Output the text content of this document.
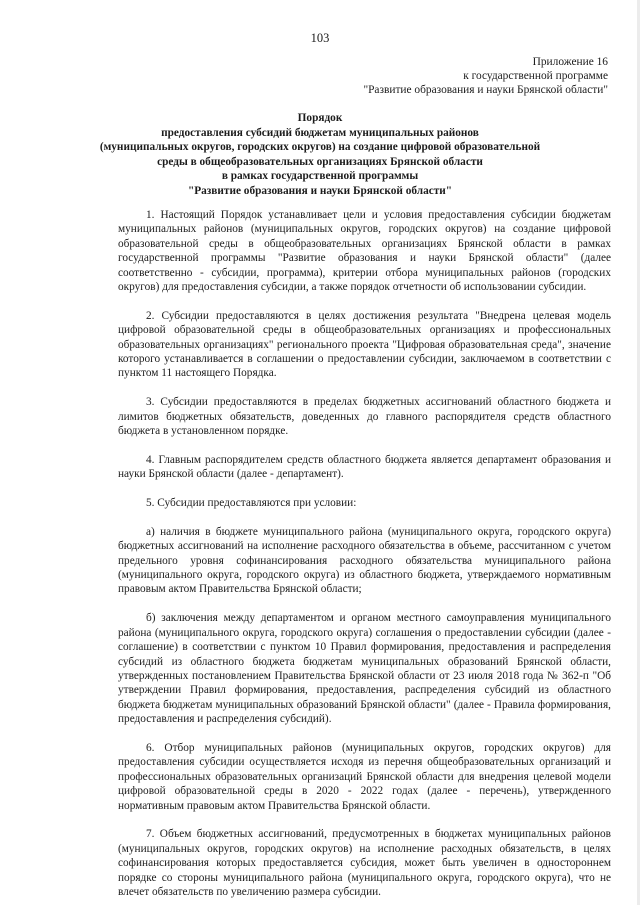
103
Приложение 16
к государственной программе
"Развитие образования и науки Брянской области"
Порядок
предоставления субсидий бюджетам муниципальных районов
(муниципальных округов, городских округов) на создание цифровой образовательной
среды в общеобразовательных организациях Брянской области
в рамках государственной программы
"Развитие образования и науки Брянской области"

1. Настоящий Порядок устанавливает цели и условия предоставления субсидии бюджетам муниципальных районов (муниципальных округов, городских округов) на создание цифровой образовательной среды в общеобразовательных организациях Брянской области в рамках государственной программы "Развитие образования и науки Брянской области" (далее соответственно - субсидии, программа), критерии отбора муниципальных районов (городских округов) для предоставления субсидии, а также порядок отчетности об использовании субсидии.

2. Субсидии предоставляются в целях достижения результата "Внедрена целевая модель цифровой образовательной среды в общеобразовательных организациях и профессиональных образовательных организациях" регионального проекта "Цифровая образовательная среда", значение которого устанавливается в соглашении о предоставлении субсидии, заключаемом в соответствии с пунктом 11 настоящего Порядка.

3. Субсидии предоставляются в пределах бюджетных ассигнований областного бюджета и лимитов бюджетных обязательств, доведенных до главного распорядителя средств областного бюджета в установленном порядке.

4. Главным распорядителем средств областного бюджета является департамент образования и науки Брянской области (далее - департамент).

5. Субсидии предоставляются при условии:

а) наличия в бюджете муниципального района (муниципального округа, городского округа) бюджетных ассигнований на исполнение расходного обязательства в объеме, рассчитанном с учетом предельного уровня софинансирования расходного обязательства муниципального района (муниципального округа, городского округа) из областного бюджета, утверждаемого нормативным правовым актом Правительства Брянской области;

б) заключения между департаментом и органом местного самоуправления муниципального района (муниципального округа, городского округа) соглашения о предоставлении субсидии (далее - соглашение) в соответствии с пунктом 10 Правил формирования, предоставления и распределения субсидий из областного бюджета бюджетам муниципальных образований Брянской области, утвержденных постановлением Правительства Брянской области от 23 июля 2018 года № 362-п "Об утверждении Правил формирования, предоставления, распределения субсидий из областного бюджета бюджетам муниципальных образований Брянской области" (далее - Правила формирования, предоставления и распределения субсидий).

6. Отбор муниципальных районов (муниципальных округов, городских округов) для предоставления субсидии осуществляется исходя из перечня общеобразовательных организаций и профессиональных образовательных организаций Брянской области для внедрения целевой модели цифровой образовательной среды в 2020 - 2022 годах (далее - перечень), утвержденного нормативным правовым актом Правительства Брянской области.

7. Объем бюджетных ассигнований, предусмотренных в бюджетах муниципальных районов (муниципальных округов, городских округов) на исполнение расходных обязательств, в целях софинансирования которых предоставляется субсидия, может быть увеличен в одностороннем порядке со стороны муниципального района (муниципального округа, городского округа), что не влечет обязательств по увеличению размера субсидии.
